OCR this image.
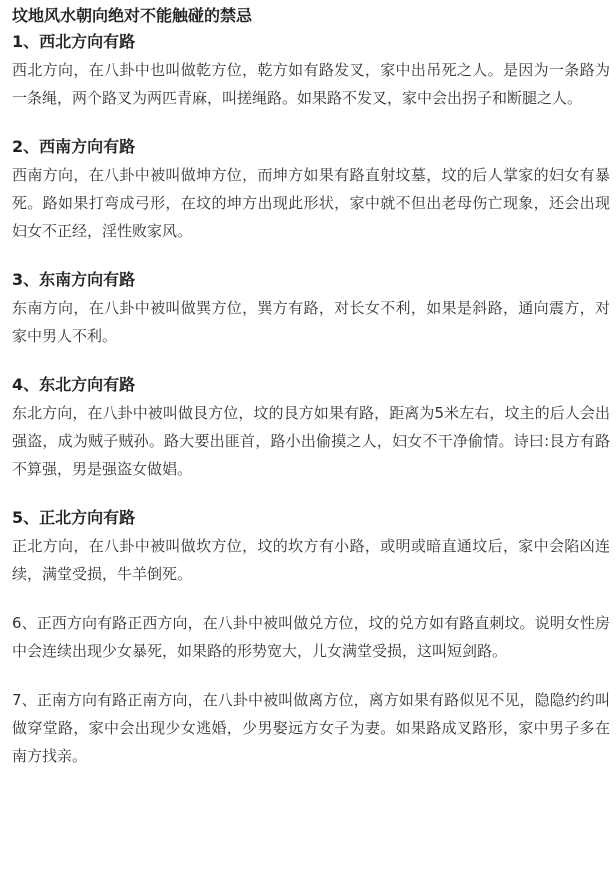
坟地风水朝向绝对不能触碰的禁忌
1、西北方向有路

西北方向，在八卦中也叫做乾方位，乾方如有路发叉，家中出吊死之人。是因为一条路为一条绳，两个路叉为两匹青麻，叫搓绳路。如果路不发叉，家中会出拐子和断腿之人。

2、西南方向有路

西南方向，在八卦中被叫做坤方位，而坤方如果有路直射坟墓，坟的后人掌家的妇女有暴死。路如果打弯成弓形，在坟的坤方出现此形状，家中就不但出老母伤亡现象，还会出现妇女不正经，淫性败家风。

3、东南方向有路

东南方向，在八卦中被叫做巽方位，巽方有路，对长女不利，如果是斜路，通向震方，对家中男人不利。

4、东北方向有路

东北方向，在八卦中被叫做艮方位，坟的艮方如果有路，距离为5米左右，坟主的后人会出强盗，成为贼子贼孙。路大要出匪首，路小出偷摸之人，妇女不干净偷情。诗曰:艮方有路不算强，男是强盗女做娼。

5、正北方向有路

正北方向，在八卦中被叫做坎方位，坟的坎方有小路，或明或暗直通坟后，家中会陷凶连续，满堂受损，牛羊倒死。

6、正西方向有路正西方向，在八卦中被叫做兑方位，坟的兑方如有路直刺坟。说明女性房中会连续出现少女暴死，如果路的形势宽大，儿女满堂受损，这叫短剑路。

7、正南方向有路正南方向，在八卦中被叫做离方位，离方如果有路似见不见，隐隐约约叫做穿堂路，家中会出现少女逃婚，少男娶远方女子为妻。如果路成叉路形，家中男子多在南方找亲。
